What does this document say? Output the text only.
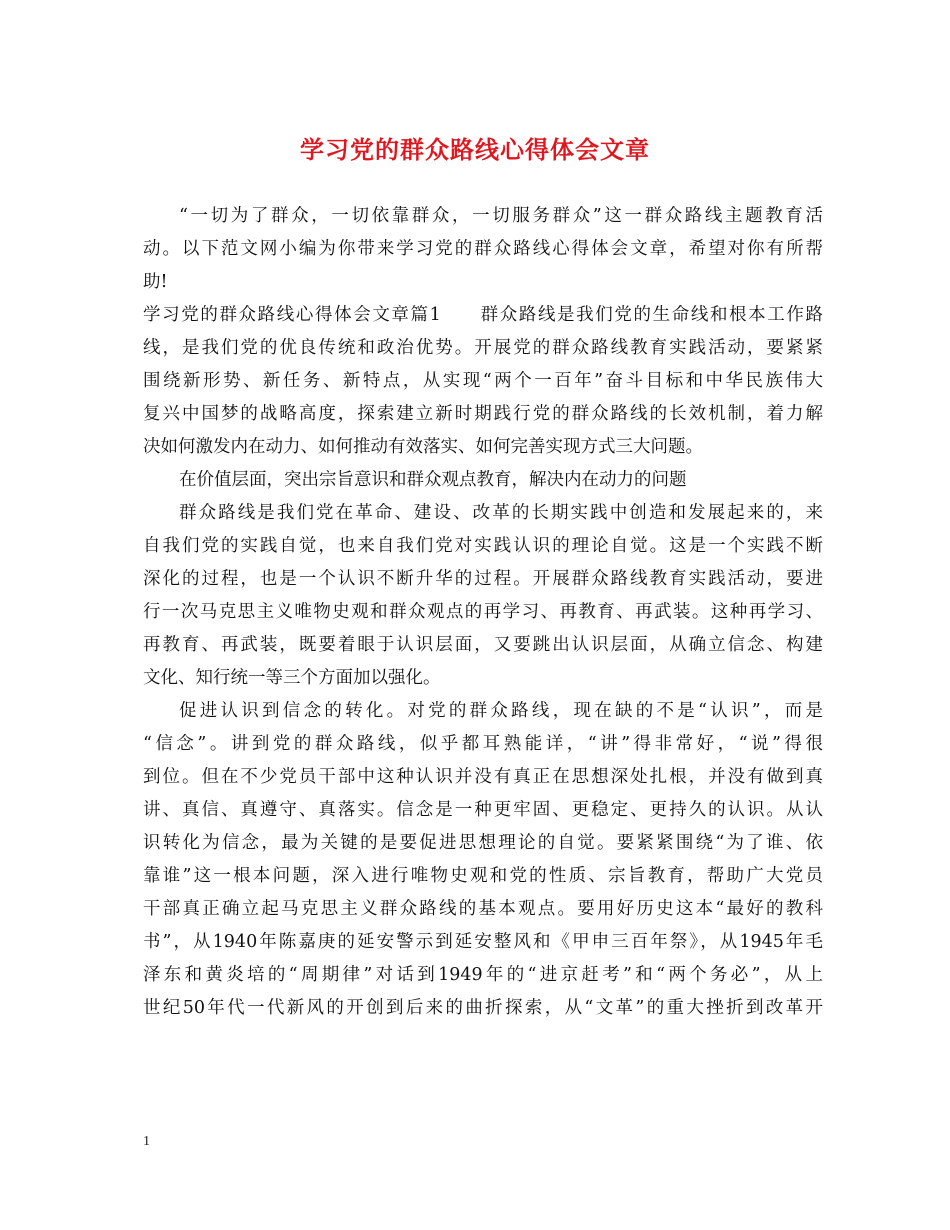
学习党的群众路线心得体会文章
“一切为了群众，一切依靠群众，一切服务群众”这一群众路线主题教育活
动。以下范文网小编为你带来学习党的群众路线心得体会文章，希望对你有所帮
助!
学习党的群众路线心得体会文章篇1　　群众路线是我们党的生命线和根本工作路
线，是我们党的优良传统和政治优势。开展党的群众路线教育实践活动，要紧紧
围绕新形势、新任务、新特点，从实现“两个一百年”奋斗目标和中华民族伟大
复兴中国梦的战略高度，探索建立新时期践行党的群众路线的长效机制，着力解
决如何激发内在动力、如何推动有效落实、如何完善实现方式三大问题。
在价值层面，突出宗旨意识和群众观点教育，解决内在动力的问题
群众路线是我们党在革命、建设、改革的长期实践中创造和发展起来的，来
自我们党的实践自觉，也来自我们党对实践认识的理论自觉。这是一个实践不断
深化的过程，也是一个认识不断升华的过程。开展群众路线教育实践活动，要进
行一次马克思主义唯物史观和群众观点的再学习、再教育、再武装。这种再学习、
再教育、再武装，既要着眼于认识层面，又要跳出认识层面，从确立信念、构建
文化、知行统一等三个方面加以强化。
促进认识到信念的转化。对党的群众路线，现在缺的不是“认识”，而是
“信念”。讲到党的群众路线，似乎都耳熟能详，“讲”得非常好，“说”得很
到位。但在不少党员干部中这种认识并没有真正在思想深处扎根，并没有做到真
讲、真信、真遵守、真落实。信念是一种更牢固、更稳定、更持久的认识。从认
识转化为信念，最为关键的是要促进思想理论的自觉。要紧紧围绕“为了谁、依
靠谁”这一根本问题，深入进行唯物史观和党的性质、宗旨教育，帮助广大党员
干部真正确立起马克思主义群众路线的基本观点。要用好历史这本“最好的教科
书”，从1940年陈嘉庚的延安警示到延安整风和《甲申三百年祭》，从1945年毛
泽东和黄炎培的“周期律”对话到1949年的“进京赶考”和“两个务必”，从上
世纪50年代一代新风的开创到后来的曲折探索，从“文革”的重大挫折到改革开
1
